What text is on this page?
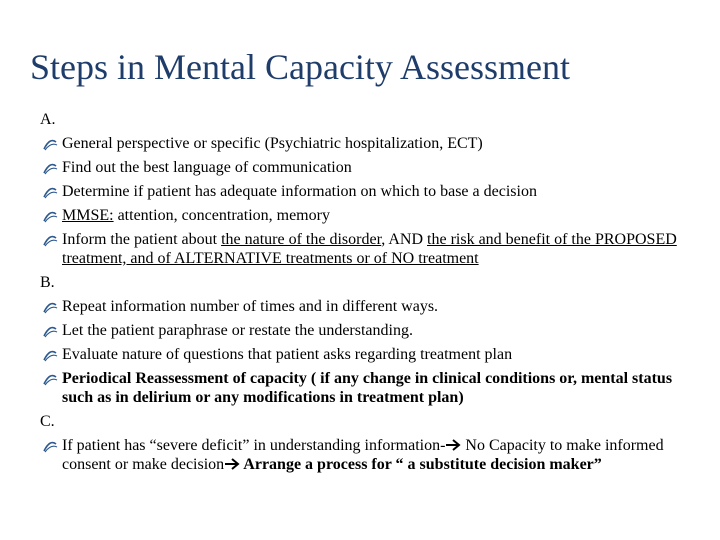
Steps in Mental Capacity Assessment
A.
General perspective or specific (Psychiatric hospitalization, ECT)
Find out the best language of communication
Determine if patient has adequate information on which to base a decision
MMSE: attention, concentration, memory
Inform the patient about the nature of the disorder, AND the risk and benefit of the PROPOSED treatment, and of ALTERNATIVE treatments or of NO treatment
B.
Repeat information number of times and in different ways.
Let the patient paraphrase or restate the understanding.
Evaluate nature of questions that patient asks regarding treatment plan
Periodical Reassessment of capacity ( if any change in clinical conditions or, mental status such as in delirium or any modifications in treatment plan)
C.
If patient has “severe deficit” in understanding information- No Capacity to make informed consent or make decision Arrange a process for “ a substitute decision maker”
